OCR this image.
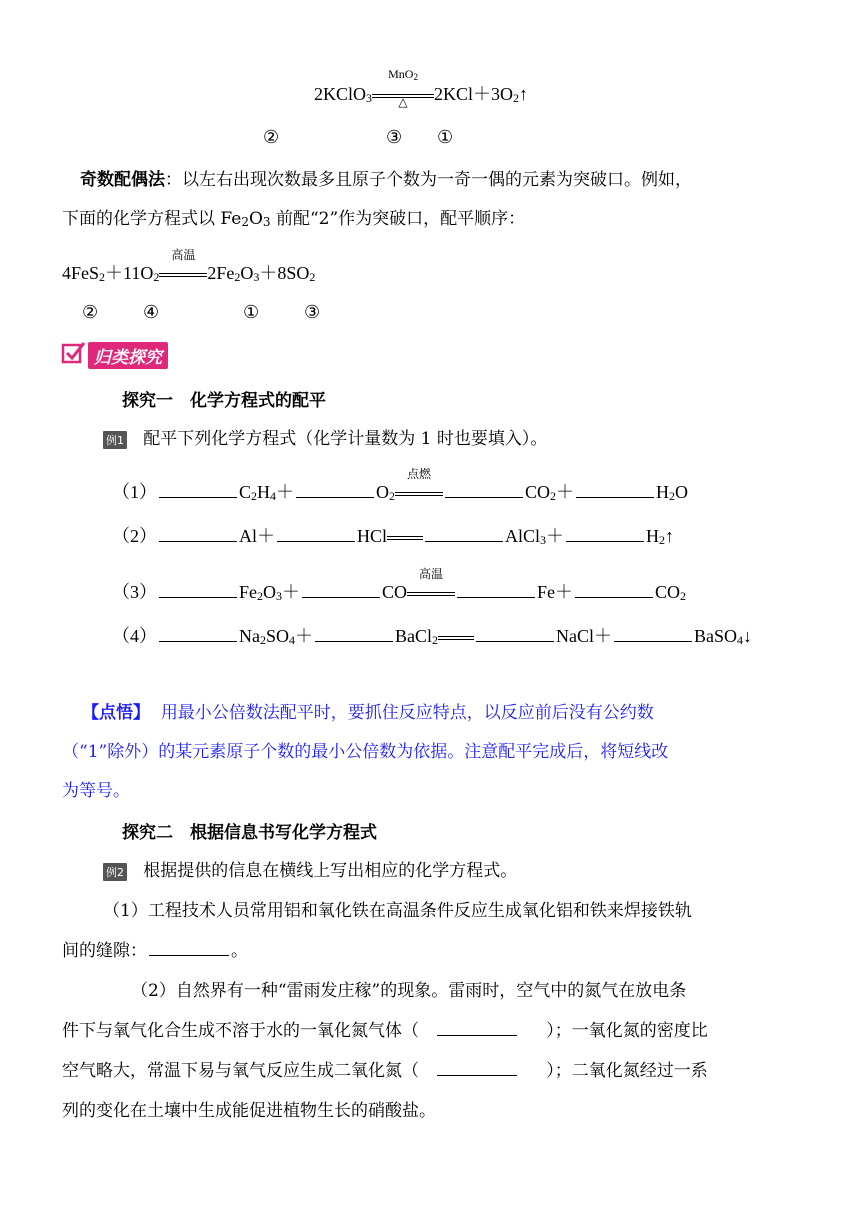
2KClO3
MnO2
△	2KCl＋3O2↑
②	③ ①
奇数配偶法：以左右出现次数最多且原子个数为一奇一偶的元素为突破口。例如，
下面的化学方程式以 Fe2O3 前配“2”作为突破口，配平顺序：
4FeS2＋11O2
高温
2Fe2O3＋8SO2
② ④	① ③
归类探究
探究一　化学方程式的配平
例1 配平下列化学方程式（化学计量数为 1 时也要填入）。
（1）	C2H4＋	O2
点燃
CO2＋	H2O
（2）	Al＋	HCl	AlCl3＋	H2↑
（3）	Fe2O3＋	CO
高温
Fe＋	CO2
（4）	Na2SO4＋	BaCl2	NaCl＋	BaSO4↓
【点悟】 用最小公倍数法配平时，要抓住反应特点，以反应前后没有公约数
（“1”除外）的某元素原子个数的最小公倍数为依据。注意配平完成后，将短线改
为等号。
探究二　根据信息书写化学方程式
例2 根据提供的信息在横线上写出相应的化学方程式。
（1）工程技术人员常用铝和氧化铁在高温条件反应生成氧化铝和铁来焊接铁轨
间的缝隙：	。
（2）自然界有一种“雷雨发庄稼”的现象。雷雨时，空气中的氮气在放电条
件下与氧气化合生成不溶于水的一氧化氮气体（	）；一氧化氮的密度比
空气略大，常温下易与氧气反应生成二氧化氮（	）；二氧化氮经过一系
列的变化在土壤中生成能促进植物生长的硝酸盐。
